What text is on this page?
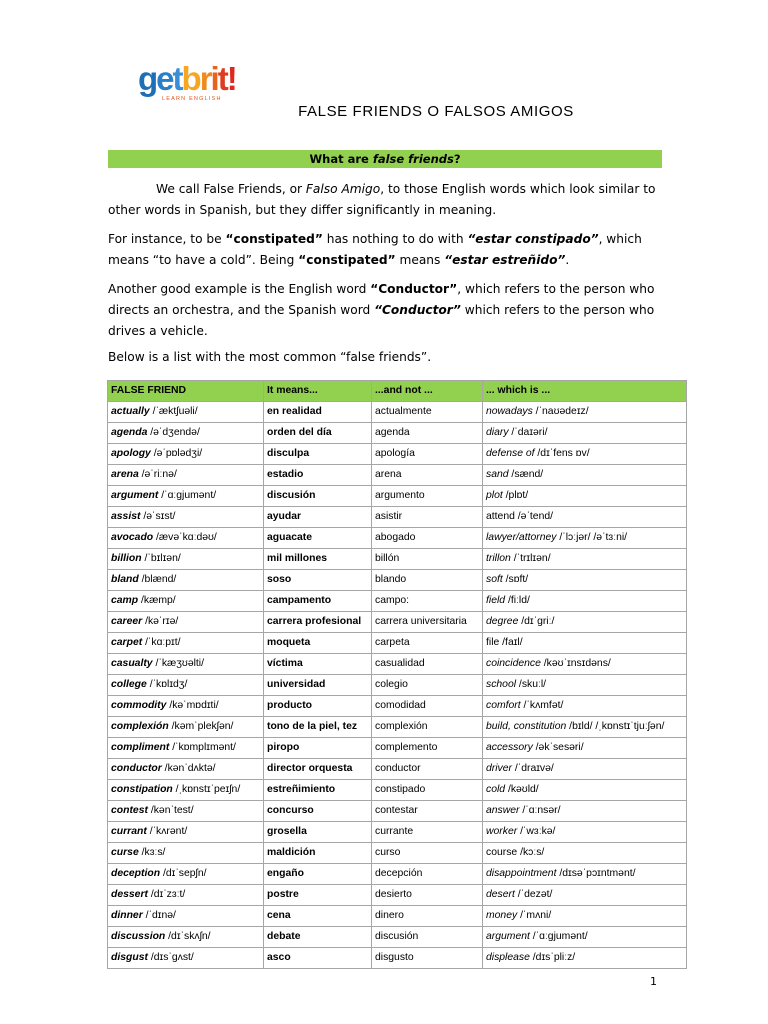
getbrit!
LEARN ENGLISH
FALSE FRIENDS O FALSOS AMIGOS
What are false friends?
We call False Friends, or Falso Amigo, to those English words which look similar to other words in Spanish, but they differ significantly in meaning.
For instance, to be “constipated” has nothing to do with “estar constipado”, which means “to have a cold”. Being “constipated” means “estar estreñido”.
Another good example is the English word “Conductor”, which refers to the person who directs an orchestra, and the Spanish word “Conductor” which refers to the person who drives a vehicle.
Below is a list with the most common “false friends”.
FALSE FRIEND	It means...	...and not ...	... which is ...
actually /ˈæktʃuəli/	en realidad	actualmente	nowadays /ˈnaʊədeɪz/
agenda /əˈdʒendə/	orden del día	agenda	diary /ˈdaɪəri/
apology /əˈpɒlədʒi/	disculpa	apología	defense of /dɪˈfens ɒv/
arena /əˈriːnə/	estadio	arena	sand /sænd/
argument /ˈɑːgjumənt/	discusión	argumento	plot /plɒt/
assist /əˈsɪst/	ayudar	asistir	attend /əˈtend/
avocado /ævəˈkɑːdəʊ/	aguacate	abogado	lawyer/attorney /ˈlɔːjər/ /əˈtɜːni/
billion /ˈbɪlɪən/	mil millones	billón	trillon /ˈtrɪlɪən/
bland /blænd/	soso	blando	soft /sɒft/
camp /kæmp/	campamento	campo:	field /fiːld/
career /kəˈrɪə/	carrera profesional	carrera universitaria	degree /dɪˈgriː/
carpet /ˈkɑːpɪt/	moqueta	carpeta	file /faɪl/
casualty /ˈkæʒʊəlti/	víctima	casualidad	coincidence /kəʊˈɪnsɪdəns/
college /ˈkɒlɪdʒ/	universidad	colegio	school /skuːl/
commodity /kəˈmɒdɪti/	producto	comodidad	comfort /ˈkʌmfət/
complexión /kəmˈplekʃən/	tono de la piel, tez	complexión	build, constitution /bɪld/ /ˌkɒnstɪˈtjuːʃən/
compliment /ˈkɒmplɪmənt/	piropo	complemento	accessory /əkˈsesəri/
conductor /kənˈdʌktə/	director orquesta	conductor	driver /ˈdraɪvə/
constipation /ˌkɒnstɪˈpeɪʃn/	estreñimiento	constipado	cold /kəʊld/
contest /kənˈtest/	concurso	contestar	answer /ˈɑːnsər/
currant /ˈkʌrənt/	grosella	currante	worker /ˈwɜːkə/
curse /kɜːs/	maldición	curso	course /kɔːs/
deception /dɪˈsepʃn/	engaño	decepción	disappointment /dɪsəˈpɔɪntmənt/
dessert /dɪˈzɜːt/	postre	desierto	desert /ˈdezət/
dinner /ˈdɪnə/	cena	dinero	money /ˈmʌni/
discussion /dɪˈskʌʃn/	debate	discusión	argument /ˈɑːgjumənt/
disgust /dɪsˈgʌst/	asco	disgusto	displease /dɪsˈpliːz/
1
